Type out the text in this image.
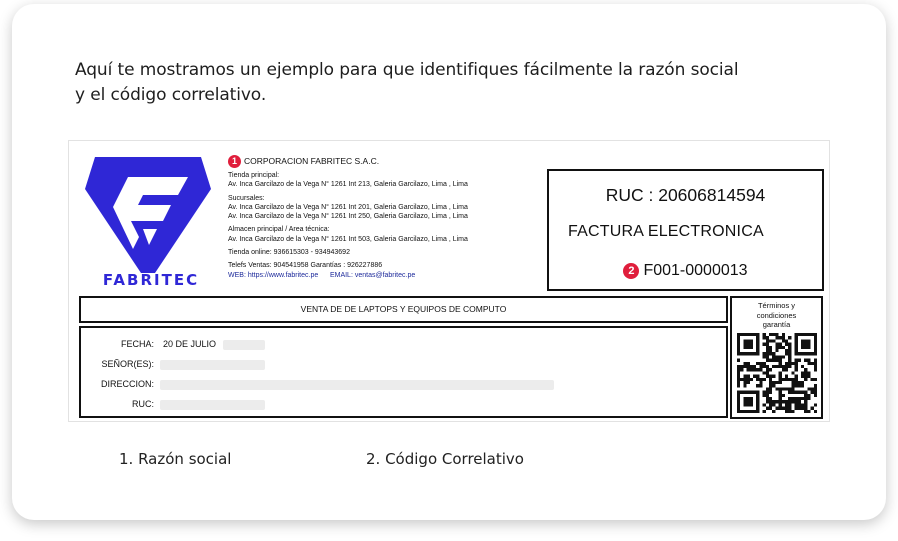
Aquí te mostramos un ejemplo para que identifiques fácilmente la razón social
y el código correlativo.
FABRITEC
1 CORPORACION FABRITEC S.A.C.
Tienda principal:
Av. Inca Garcilazo de la Vega N° 1261 Int 213, Galeria Garcilazo, Lima , Lima
Sucursales:
Av. Inca Garcilazo de la Vega N° 1261 Int 201, Galeria Garcilazo, Lima , Lima
Av. Inca Garcilazo de la Vega N° 1261 Int 250, Galeria Garcilazo, Lima , Lima
Almacen principal / Area técnica:
Av. Inca Garcilazo de la Vega N° 1261 Int 503, Galeria Garcilazo, Lima , Lima
Tienda online: 936615303 - 934943692
Telefs Ventas: 904541958 Garantías : 926227886
WEB: https://www.fabritec.pe EMAIL: ventas@fabritec.pe
RUC : 20606814594
FACTURA ELECTRONICA
2 F001-0000013
VENTA DE DE LAPTOPS Y EQUIPOS DE COMPUTO
FECHA: 20 DE JULIO
SEÑOR(ES):
DIRECCION:
RUC:
Términos y
condiciones
garantía
1. Razón social	2. Código Correlativo
